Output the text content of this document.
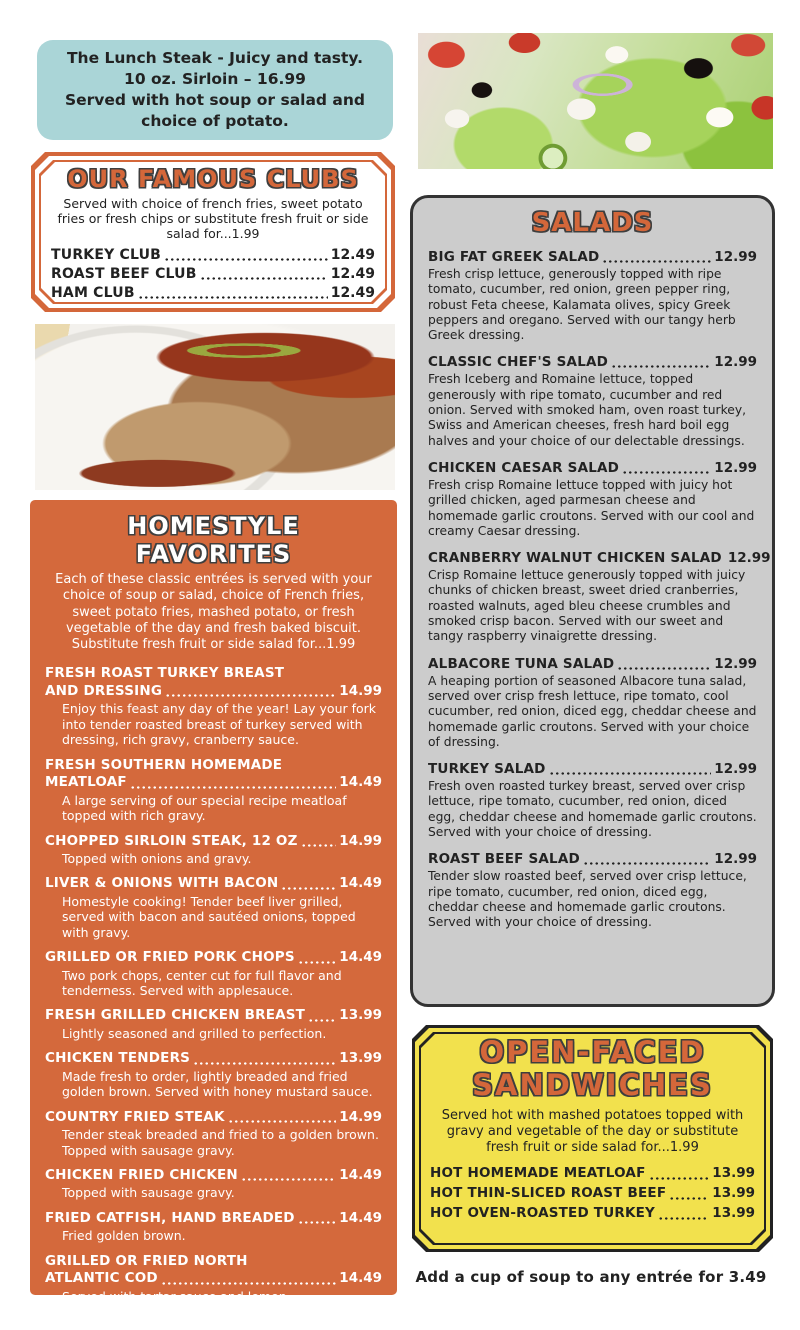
The Lunch Steak - Juicy and tasty.
10 oz. Sirloin – 16.99
Served with hot soup or salad and
choice of potato.
OUR FAMOUS CLUBS
Served with choice of french fries, sweet potato fries or fresh chips or substitute fresh fruit or side salad for...1.99
TURKEY CLUB	12.49
ROAST BEEF CLUB	12.49
HAM CLUB	12.49
HOMESTYLE FAVORITES
Each of these classic entrées is served with your choice of soup or salad, choice of French fries, sweet potato fries, mashed potato, or fresh vegetable of the day and fresh baked biscuit. Substitute fresh fruit or side salad for...1.99
FRESH ROAST TURKEY BREAST
AND DRESSING	14.99
Enjoy this feast any day of the year! Lay your fork into tender roasted breast of turkey served with dressing, rich gravy, cranberry sauce.
FRESH SOUTHERN HOMEMADE
MEATLOAF	14.49
A large serving of our special recipe meatloaf topped with rich gravy.
CHOPPED SIRLOIN STEAK, 12 OZ	14.99
Topped with onions and gravy.
LIVER & ONIONS WITH BACON	14.49
Homestyle cooking! Tender beef liver grilled, served with bacon and sautéed onions, topped with gravy.
GRILLED OR FRIED PORK CHOPS	14.49
Two pork chops, center cut for full flavor and tenderness. Served with applesauce.
FRESH GRILLED CHICKEN BREAST	13.99
Lightly seasoned and grilled to perfection.
CHICKEN TENDERS	13.99
Made fresh to order, lightly breaded and fried golden brown. Served with honey mustard sauce.
COUNTRY FRIED STEAK	14.99
Tender steak breaded and fried to a golden brown. Topped with sausage gravy.
CHICKEN FRIED CHICKEN	14.49
Topped with sausage gravy.
FRIED CATFISH, HAND BREADED	14.49
Fried golden brown.
GRILLED OR FRIED NORTH
ATLANTIC COD	14.49
Served with tartar sauce and lemon.
SALADS
BIG FAT GREEK SALAD	12.99
Fresh crisp lettuce, generously topped with ripe tomato, cucumber, red onion, green pepper ring, robust Feta cheese, Kalamata olives, spicy Greek peppers and oregano. Served with our tangy herb Greek dressing.
CLASSIC CHEF'S SALAD	12.99
Fresh Iceberg and Romaine lettuce, topped generously with ripe tomato, cucumber and red onion. Served with smoked ham, oven roast turkey, Swiss and American cheeses, fresh hard boil egg halves and your choice of our delectable dressings.
CHICKEN CAESAR SALAD	12.99
Fresh crisp Romaine lettuce topped with juicy hot grilled chicken, aged parmesan cheese and homemade garlic croutons. Served with our cool and creamy Caesar dressing.
CRANBERRY WALNUT CHICKEN SALAD 12.99
Crisp Romaine lettuce generously topped with juicy chunks of chicken breast, sweet dried cranberries, roasted walnuts, aged bleu cheese crumbles and smoked crisp bacon. Served with our sweet and tangy raspberry vinaigrette dressing.
ALBACORE TUNA SALAD	12.99
A heaping portion of seasoned Albacore tuna salad, served over crisp fresh lettuce, ripe tomato, cool cucumber, red onion, diced egg, cheddar cheese and homemade garlic croutons. Served with your choice of dressing.
TURKEY SALAD	12.99
Fresh oven roasted turkey breast, served over crisp lettuce, ripe tomato, cucumber, red onion, diced egg, cheddar cheese and homemade garlic croutons. Served with your choice of dressing.
ROAST BEEF SALAD	12.99
Tender slow roasted beef, served over crisp lettuce, ripe tomato, cucumber, red onion, diced egg, cheddar cheese and homemade garlic croutons. Served with your choice of dressing.
OPEN-FACED
SANDWICHES
Served hot with mashed potatoes topped with gravy and vegetable of the day or substitute fresh fruit or side salad for...1.99
HOT HOMEMADE MEATLOAF	13.99
HOT THIN-SLICED ROAST BEEF	13.99
HOT OVEN-ROASTED TURKEY	13.99
Add a cup of soup to any entrée for 3.49
